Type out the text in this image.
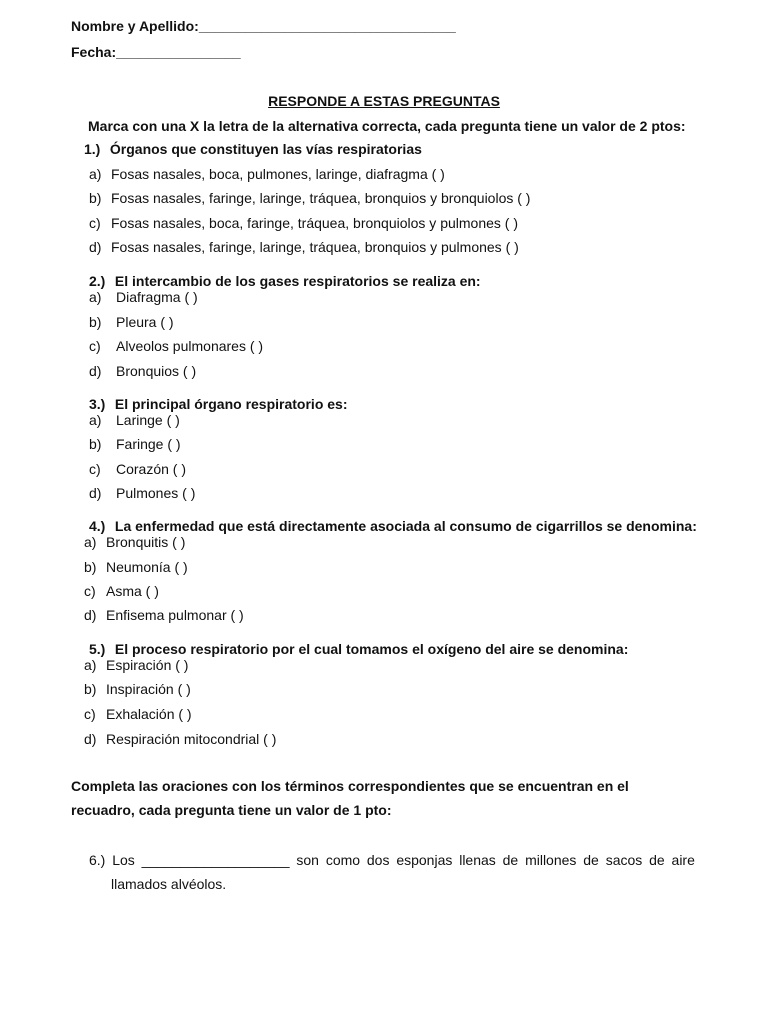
Nombre y Apellido:_________________________________
Fecha:________________
RESPONDE A ESTAS PREGUNTAS
Marca con una X la letra de la alternativa correcta, cada pregunta tiene un valor de 2 ptos:
1.) Órganos que constituyen las vías respiratorias
a) Fosas nasales, boca, pulmones, laringe, diafragma ( )
b) Fosas nasales, faringe, laringe, tráquea, bronquios y bronquiolos ( )
c) Fosas nasales, boca, faringe, tráquea, bronquiolos y pulmones ( )
d) Fosas nasales, faringe, laringe, tráquea, bronquios y pulmones ( )
2.) El intercambio de los gases respiratorios se realiza en:
a) Diafragma ( )
b) Pleura ( )
c) Alveolos pulmonares ( )
d) Bronquios ( )
3.) El principal órgano respiratorio es:
a) Laringe ( )
b) Faringe ( )
c) Corazón ( )
d) Pulmones ( )
4.) La enfermedad que está directamente asociada al consumo de cigarrillos se denomina:
a) Bronquitis ( )
b) Neumonía ( )
c) Asma ( )
d) Enfisema pulmonar ( )
5.) El proceso respiratorio por el cual tomamos el oxígeno del aire se denomina:
a) Espiración ( )
b) Inspiración ( )
c) Exhalación ( )
d) Respiración mitocondrial ( )
Completa las oraciones con los términos correspondientes que se encuentran en el recuadro, cada pregunta tiene un valor de 1 pto:
6.) Los ___________________ son como dos esponjas llenas de millones de sacos de aire
llamados alvéolos.
